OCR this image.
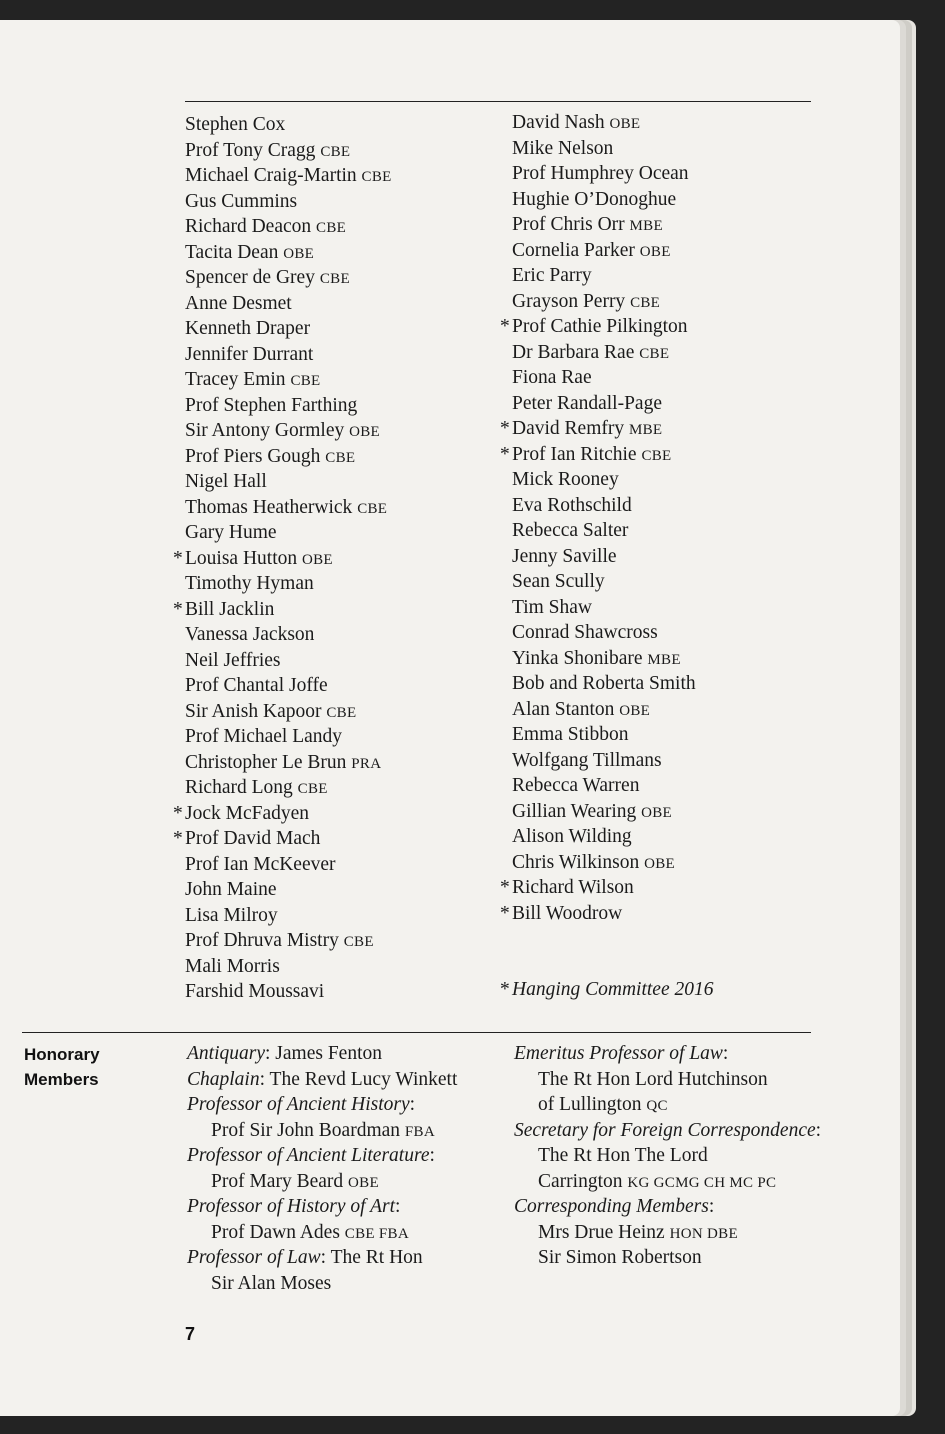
Stephen Cox
Prof Tony Cragg CBE
Michael Craig-Martin CBE
Gus Cummins
Richard Deacon CBE
Tacita Dean OBE
Spencer de Grey CBE
Anne Desmet
Kenneth Draper
Jennifer Durrant
Tracey Emin CBE
Prof Stephen Farthing
Sir Antony Gormley OBE
Prof Piers Gough CBE
Nigel Hall
Thomas Heatherwick CBE
Gary Hume
* Louisa Hutton OBE
Timothy Hyman
* Bill Jacklin
Vanessa Jackson
Neil Jeffries
Prof Chantal Joffe
Sir Anish Kapoor CBE
Prof Michael Landy
Christopher Le Brun PRA
Richard Long CBE
* Jock McFadyen
* Prof David Mach
Prof Ian McKeever
John Maine
Lisa Milroy
Prof Dhruva Mistry CBE
Mali Morris
Farshid Moussavi
David Nash OBE
Mike Nelson
Prof Humphrey Ocean
Hughie O’Donoghue
Prof Chris Orr MBE
Cornelia Parker OBE
Eric Parry
Grayson Perry CBE
* Prof Cathie Pilkington
Dr Barbara Rae CBE
Fiona Rae
Peter Randall-Page
* David Remfry MBE
* Prof Ian Ritchie CBE
Mick Rooney
Eva Rothschild
Rebecca Salter
Jenny Saville
Sean Scully
Tim Shaw
Conrad Shawcross
Yinka Shonibare MBE
Bob and Roberta Smith
Alan Stanton OBE
Emma Stibbon
Wolfgang Tillmans
Rebecca Warren
Gillian Wearing OBE
Alison Wilding
Chris Wilkinson OBE
* Richard Wilson
* Bill Woodrow
* Hanging Committee 2016
Honorary
Members
Antiquary: James Fenton
Chaplain: The Revd Lucy Winkett
Professor of Ancient History:
Prof Sir John Boardman FBA
Professor of Ancient Literature:
Prof Mary Beard OBE
Professor of History of Art:
Prof Dawn Ades CBE FBA
Professor of Law: The Rt Hon
Sir Alan Moses
Emeritus Professor of Law:
The Rt Hon Lord Hutchinson
of Lullington QC
Secretary for Foreign Correspondence:
The Rt Hon The Lord
Carrington KG GCMG CH MC PC
Corresponding Members:
Mrs Drue Heinz HON DBE
Sir Simon Robertson
7
